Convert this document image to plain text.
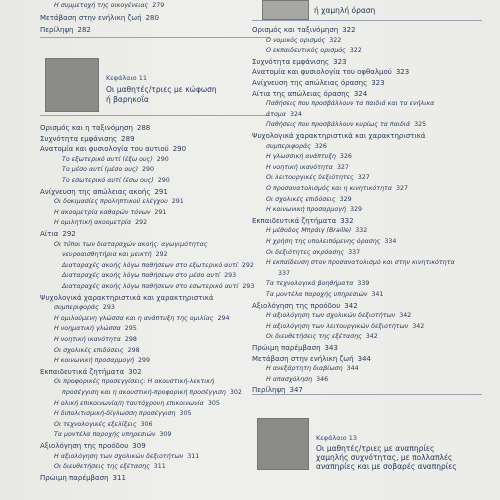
Η συμμετοχή της οικογένειας 279
Μετάβαση στην ενήλικη ζωή 280
Περίληψη 282
Κεφάλαιο 11
Οι μαθητές/τριες με κώφωση
ή βαρηκοΐα
Ορισμός και η ταξινόμηση 288
Συχνότητα εμφάνισης 289
Ανατομία και φυσιολογία του αυτιού 290
Το εξωτερικό αυτί (έξω ους) 290
Το μέσο αυτί (μέσο ους) 290
Το εσωτερικό αυτί (έσω ους) 290
Ανίχνευση της απώλειας ακοής 291
Οι δοκιμασίες προληπτικού ελέγχου 291
Η ακοομετρία καθαρών τόνων 291
Η ομιλητική ακοομετρία 292
Αίτια 292
Οι τύποι των διαταραχών ακοής: αγωγιμότητας
νευροαισθητήρια και μεικτή 292
Διαταραχές ακοής λόγω παθήσεων στο εξωτερικό αυτί 292
Διαταραχές ακοής λόγω παθήσεων στο μέσο αυτί 293
Διαταραχές ακοής λόγω παθήσεων στο εσωτερικό αυτί 293
Ψυχολογικά χαρακτηριστικά και χαρακτηριστικά
συμπεριφοράς 293
Η ομιλούμενη γλώσσα και η ανάπτυξη της ομιλίας 294
Η νοηματική γλώσσα 295
Η νοητική ικανότητα 298
Οι σχολικές επιδόσεις 298
Η κοινωνική προσαρμογή 299
Εκπαιδευτικά ζητήματα 302
Οι προφορικές προσεγγίσεις: Η ακουστική-λεκτική
προσέγγιση και η ακουστική-προφορική προσέγγιση 302
Η ολική επικοινωνία/η ταυτόχρονη επικοινωνία 305
Η διπολιτισμική-δίγλωσση προσέγγιση 305
Οι τεχνολογικές εξελίξεις 306
Τα μοντέλα παροχής υπηρεσιών 309
Αξιολόγηση της προόδου 309
Η αξιολόγηση των σχολικών δεξιοτήτων 311
Οι διευθετήσεις της εξέτασης 311
Πρώιμη παρέμβαση 311
ή χαμηλή όραση
Ορισμός και ταξινόμηση 322
Ο νομικός ορισμός 322
Ο εκπαιδευτικός ορισμός 322
Συχνότητα εμφάνισης 323
Ανατομία και φυσιολογία του οφθαλμού 323
Ανίχνευση της απώλειας όρασης 323
Αίτια της απώλειας όρασης 324
Παθήσεις που προσβάλλουν τα παιδιά και τα ενήλικα
άτομα 324
Παθήσεις που προσβάλλουν κυρίως τα παιδιά 325
Ψυχολογικά χαρακτηριστικά και χαρακτηριστικά
συμπεριφοράς 326
Η γλωσσική ανάπτυξη 326
Η νοητική ικανότητα 327
Οι λειτουργικές δεξιότητες 327
Ο προσανατολισμός και η κινητικότητα 327
Οι σχολικές επιδόσεις 329
Η κοινωνική προσαρμογή 329
Εκπαιδευτικά ζητήματα 332
Η μέθοδος Μπράιγ (Braille) 332
Η χρήση της υπολειπόμενης όρασης 334
Οι δεξιότητες ακρόασης 337
Η εκπαίδευση στον προσανατολισμό και στην κινητικότητα
337
Τα τεχνολογικά βοηθήματα 339
Τα μοντέλα παροχής υπηρεσιών 341
Αξιολόγηση της προόδου 342
Η αξιολόγηση των σχολικών δεξιοτήτων 342
Η αξιολόγηση των λειτουργικών δεξιοτήτων 342
Οι διευθετήσεις της εξέτασης 342
Πρώιμη παρέμβαση 343
Μετάβαση στην ενήλικη ζωή 344
Η ανεξάρτητη διαβίωση 344
Η απασχόληση 346
Περίληψη 347
Κεφάλαιο 13
Οι μαθητές/τριες με αναπηρίες
χαμηλής συχνότητας, με πολλαπλές
αναπηρίες και με σοβαρές αναπηρίες
